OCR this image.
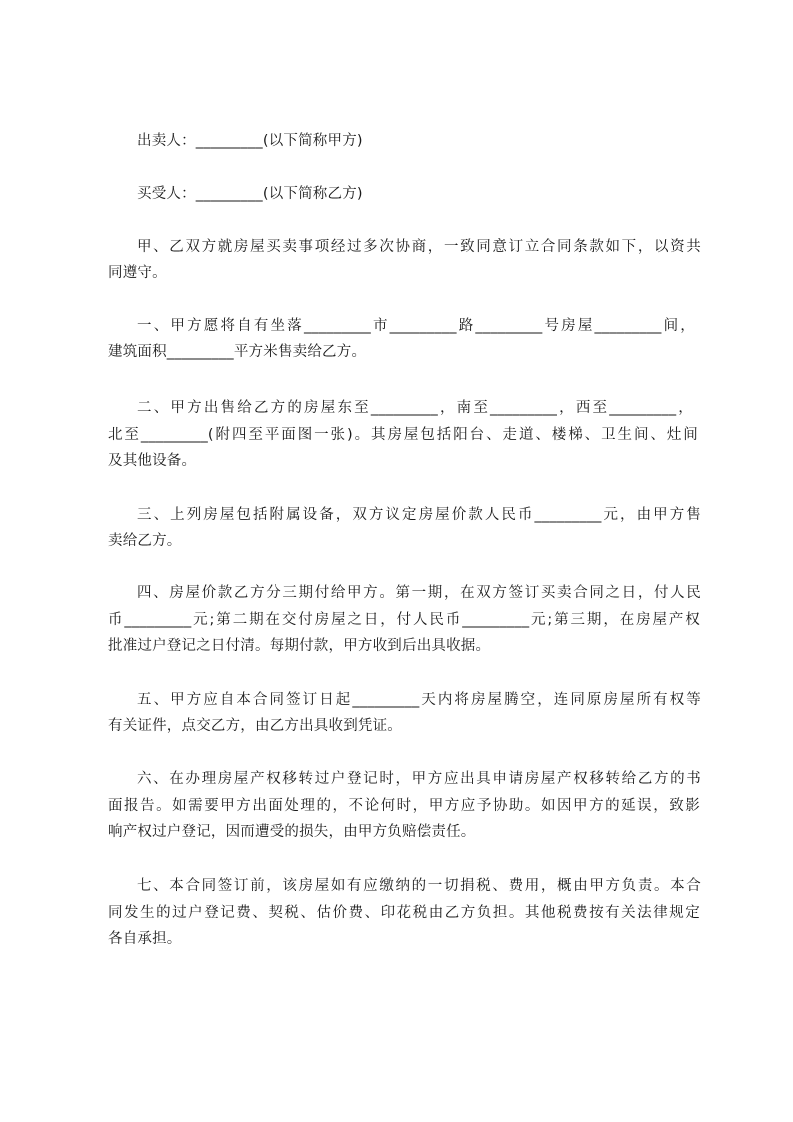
出卖人：_________(以下简称甲方)
买受人：_________(以下简称乙方)
甲、乙双方就房屋买卖事项经过多次协商，一致同意订立合同条款如下，以资共
同遵守。
一、甲方愿将自有坐落_________市_________路_________号房屋_________间，
建筑面积_________平方米售卖给乙方。
二、甲方出售给乙方的房屋东至_________，南至_________，西至_________，
北至_________(附四至平面图一张)。其房屋包括阳台、走道、楼梯、卫生间、灶间
及其他设备。
三、上列房屋包括附属设备，双方议定房屋价款人民币_________元，由甲方售
卖给乙方。
四、房屋价款乙方分三期付给甲方。第一期，在双方签订买卖合同之日，付人民
币_________元;第二期在交付房屋之日，付人民币_________元;第三期，在房屋产权
批准过户登记之日付清。每期付款，甲方收到后出具收据。
五、甲方应自本合同签订日起_________天内将房屋腾空，连同原房屋所有权等
有关证件，点交乙方，由乙方出具收到凭证。
六、在办理房屋产权移转过户登记时，甲方应出具申请房屋产权移转给乙方的书
面报告。如需要甲方出面处理的，不论何时，甲方应予协助。如因甲方的延误，致影
响产权过户登记，因而遭受的损失，由甲方负赔偿责任。
七、本合同签订前，该房屋如有应缴纳的一切捐税、费用，概由甲方负责。本合
同发生的过户登记费、契税、估价费、印花税由乙方负担。其他税费按有关法律规定
各自承担。
